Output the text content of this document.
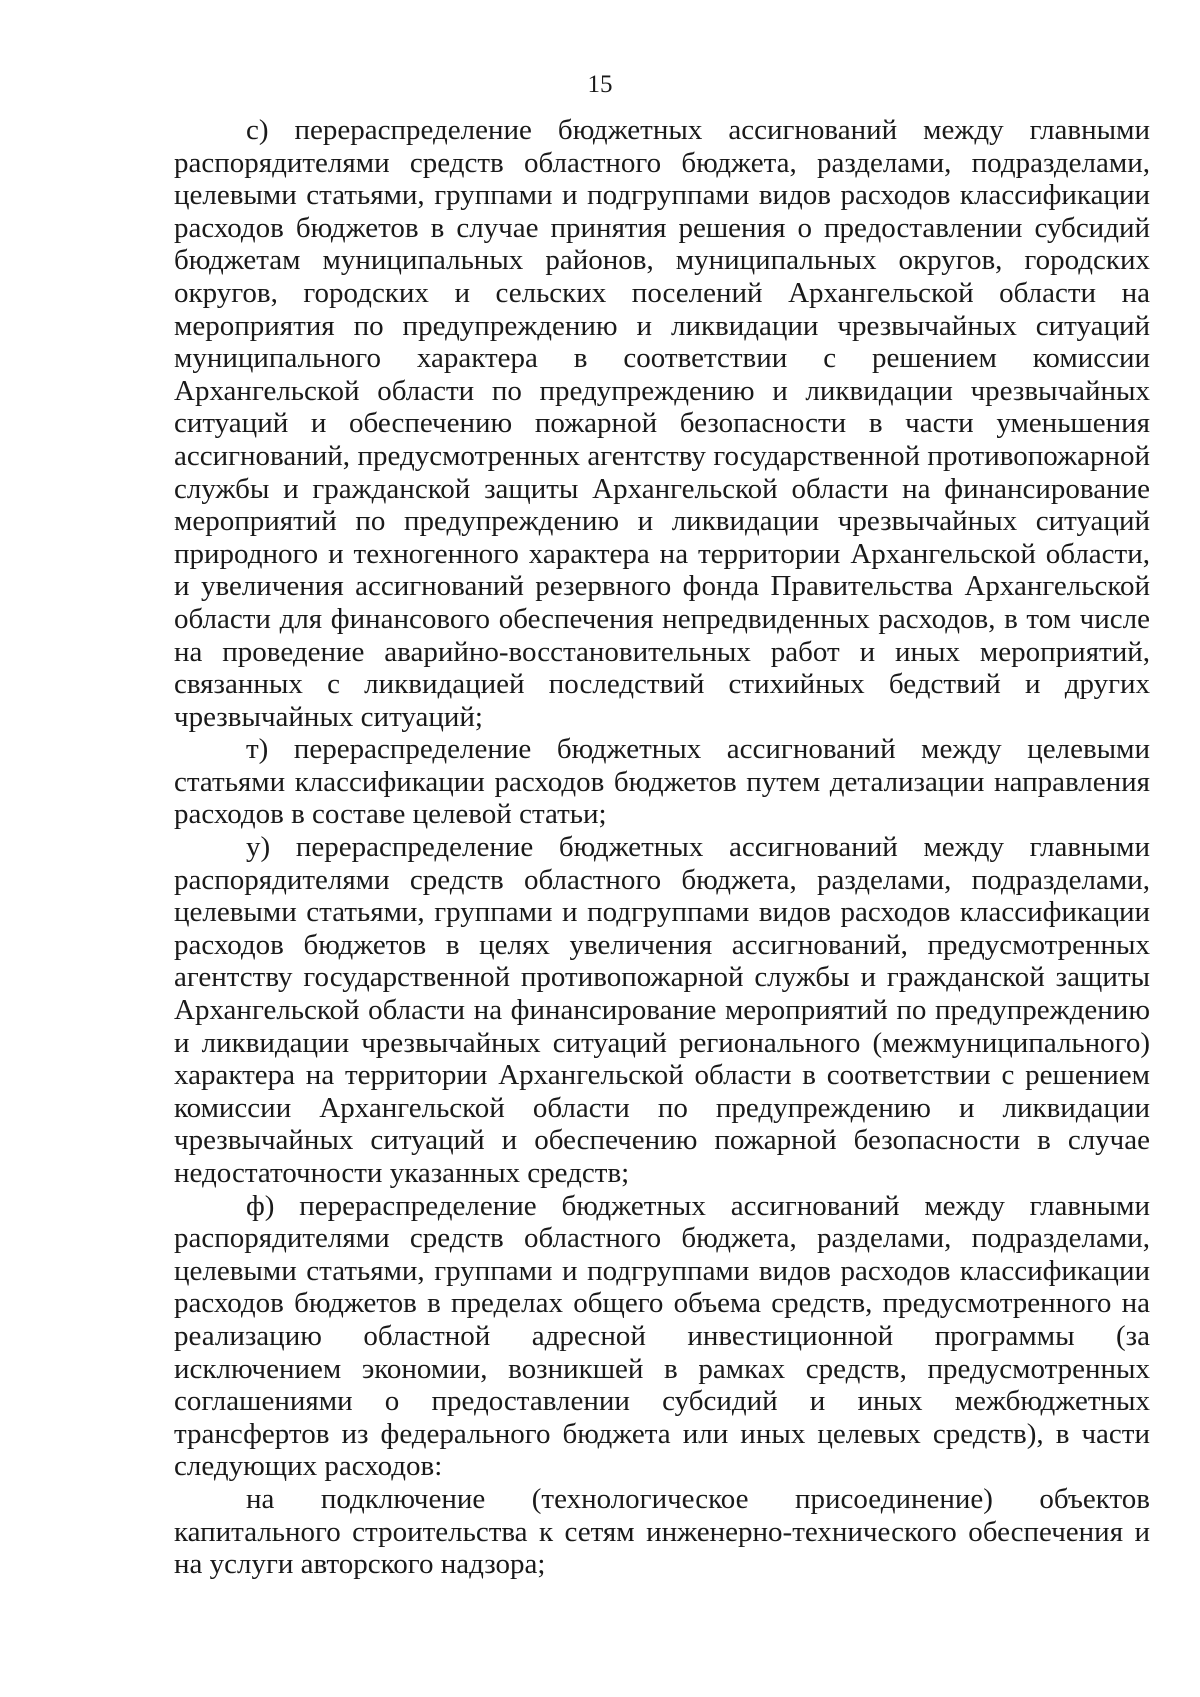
15

с) перераспределение бюджетных ассигнований между главными распорядителями средств областного бюджета, разделами, подразделами, целевыми статьями, группами и подгруппами видов расходов классификации расходов бюджетов в случае принятия решения о предоставлении субсидий бюджетам муниципальных районов, муниципальных округов, городских округов, городских и сельских поселений Архангельской области на мероприятия по предупреждению и ликвидации чрезвычайных ситуаций муниципального характера в соответствии с решением комиссии Архангельской области по предупреждению и ликвидации чрезвычайных ситуаций и обеспечению пожарной безопасности в части уменьшения ассигнований, предусмотренных агентству государственной противопожарной службы и гражданской защиты Архангельской области на финансирование мероприятий по предупреждению и ликвидации чрезвычайных ситуаций природного и техногенного характера на территории Архангельской области, и увеличения ассигнований резервного фонда Правительства Архангельской области для финансового обеспечения непредвиденных расходов, в том числе на проведение аварийно-восстановительных работ и иных мероприятий, связанных с ликвидацией последствий стихийных бедствий и других чрезвычайных ситуаций;

т) перераспределение бюджетных ассигнований между целевыми статьями классификации расходов бюджетов путем детализации направления расходов в составе целевой статьи;

у) перераспределение бюджетных ассигнований между главными распорядителями средств областного бюджета, разделами, подразделами, целевыми статьями, группами и подгруппами видов расходов классификации расходов бюджетов в целях увеличения ассигнований, предусмотренных агентству государственной противопожарной службы и гражданской защиты Архангельской области на финансирование мероприятий по предупреждению и ликвидации чрезвычайных ситуаций регионального (межмуниципального) характера на территории Архангельской области в соответствии с решением комиссии Архангельской области по предупреждению и ликвидации чрезвычайных ситуаций и обеспечению пожарной безопасности в случае недостаточности указанных средств;

ф) перераспределение бюджетных ассигнований между главными распорядителями средств областного бюджета, разделами, подразделами, целевыми статьями, группами и подгруппами видов расходов классификации расходов бюджетов в пределах общего объема средств, предусмотренного на реализацию областной адресной инвестиционной программы (за исключением экономии, возникшей в рамках средств, предусмотренных соглашениями о предоставлении субсидий и иных межбюджетных трансфертов из федерального бюджета или иных целевых средств), в части следующих расходов:

на подключение (технологическое присоединение) объектов капитального строительства к сетям инженерно-технического обеспечения и на услуги авторского надзора;
